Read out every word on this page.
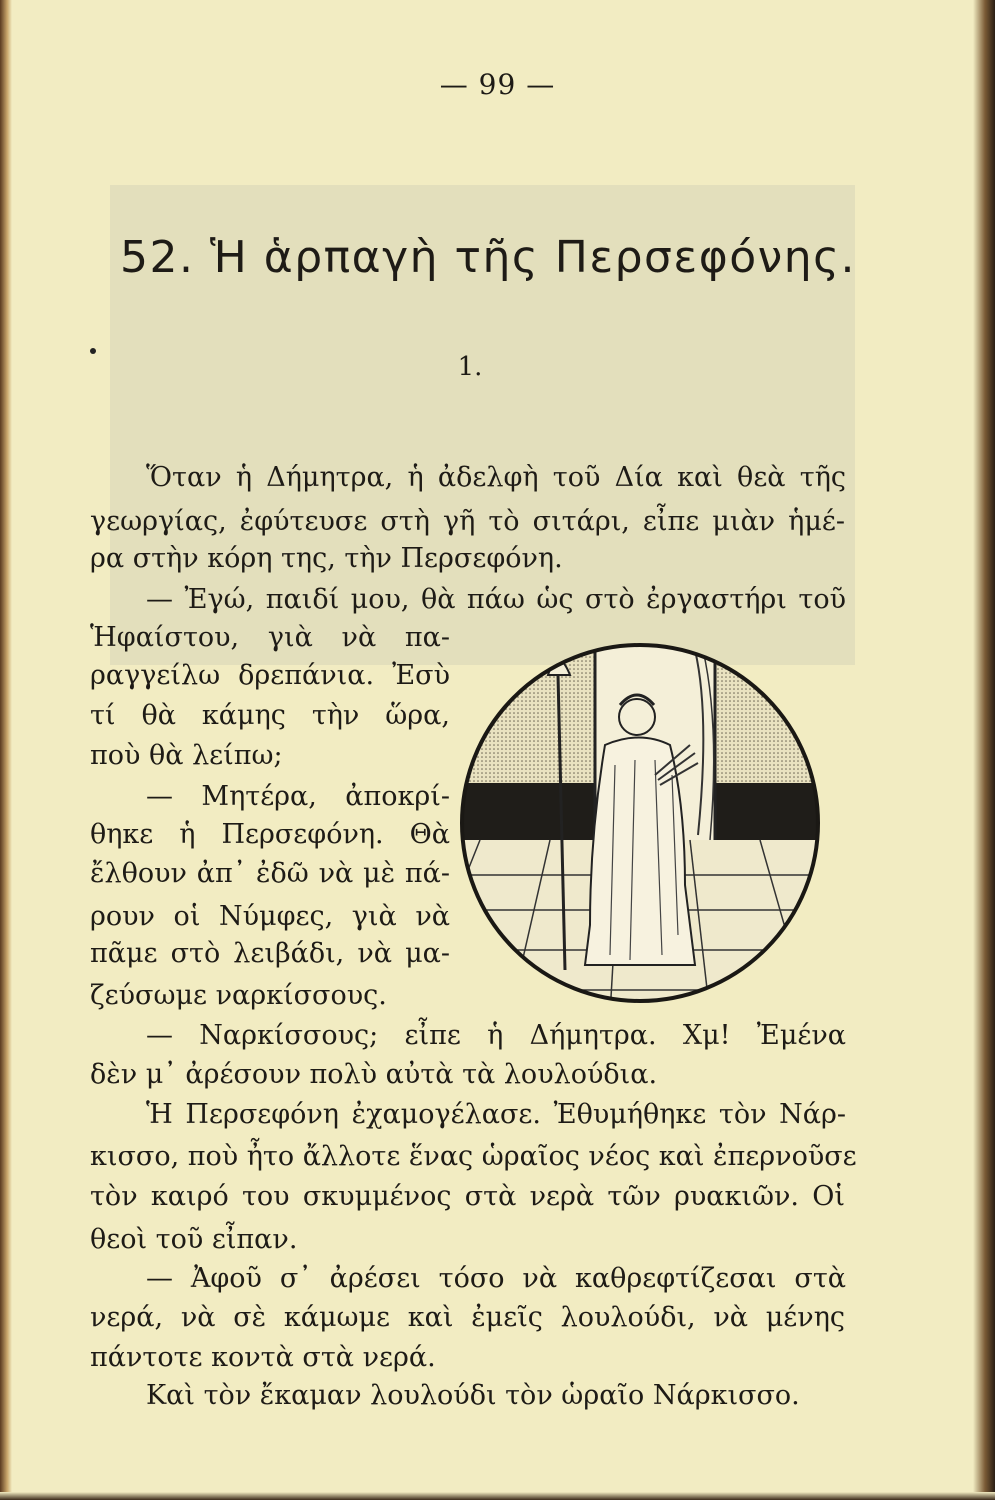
— 99 —
52. Ἡ ἁρπαγὴ τῆς Περσεφόνης.
1.
Ὅταν ἡ Δήμητρα, ἡ ἀδελφὴ τοῦ Δία καὶ θεὰ τῆς
γεωργίας, ἐφύτευσε στὴ γῆ τὸ σιτάρι, εἶπε μιὰν ἡμέ-
ρα στὴν κόρη της, τὴν Περσεφόνη.
— Ἐγώ, παιδί μου, θὰ πάω ὡς στὸ ἐργαστήρι τοῦ
Ἡφαίστου, γιὰ νὰ πα-
ραγγείλω δρεπάνια. Ἐσὺ
τί θὰ κάμης τὴν ὥρα,
ποὺ θὰ λείπω;
— Μητέρα, ἀποκρί-
θηκε ἡ Περσεφόνη. Θὰ
ἔλθουν ἀπ᾽ ἐδῶ νὰ μὲ πά-
ρουν οἱ Νύμφες, γιὰ νὰ
πᾶμε στὸ λειβάδι, νὰ μα-
ζεύσωμε ναρκίσσους.
— Ναρκίσσους; εἶπε ἡ Δήμητρα. Χμ! Ἐμένα
δὲν μ᾽ ἀρέσουν πολὺ αὐτὰ τὰ λουλούδια.
Ἡ Περσεφόνη ἐχαμογέλασε. Ἐθυμήθηκε τὸν Νάρ-
κισσο, ποὺ ἦτο ἄλλοτε ἕνας ὡραῖος νέος καὶ ἐπερνοῦσε
τὸν καιρό του σκυμμένος στὰ νερὰ τῶν ρυακιῶν. Οἱ
θεοὶ τοῦ εἶπαν.
— Ἀφοῦ σ᾽ ἀρέσει τόσο νὰ καθρεφτίζεσαι στὰ
νερά, νὰ σὲ κάμωμε καὶ ἐμεῖς λουλούδι, νὰ μένης
πάντοτε κοντὰ στὰ νερά.
Καὶ τὸν ἔκαμαν λουλούδι τὸν ὡραῖο Νάρκισσο.
